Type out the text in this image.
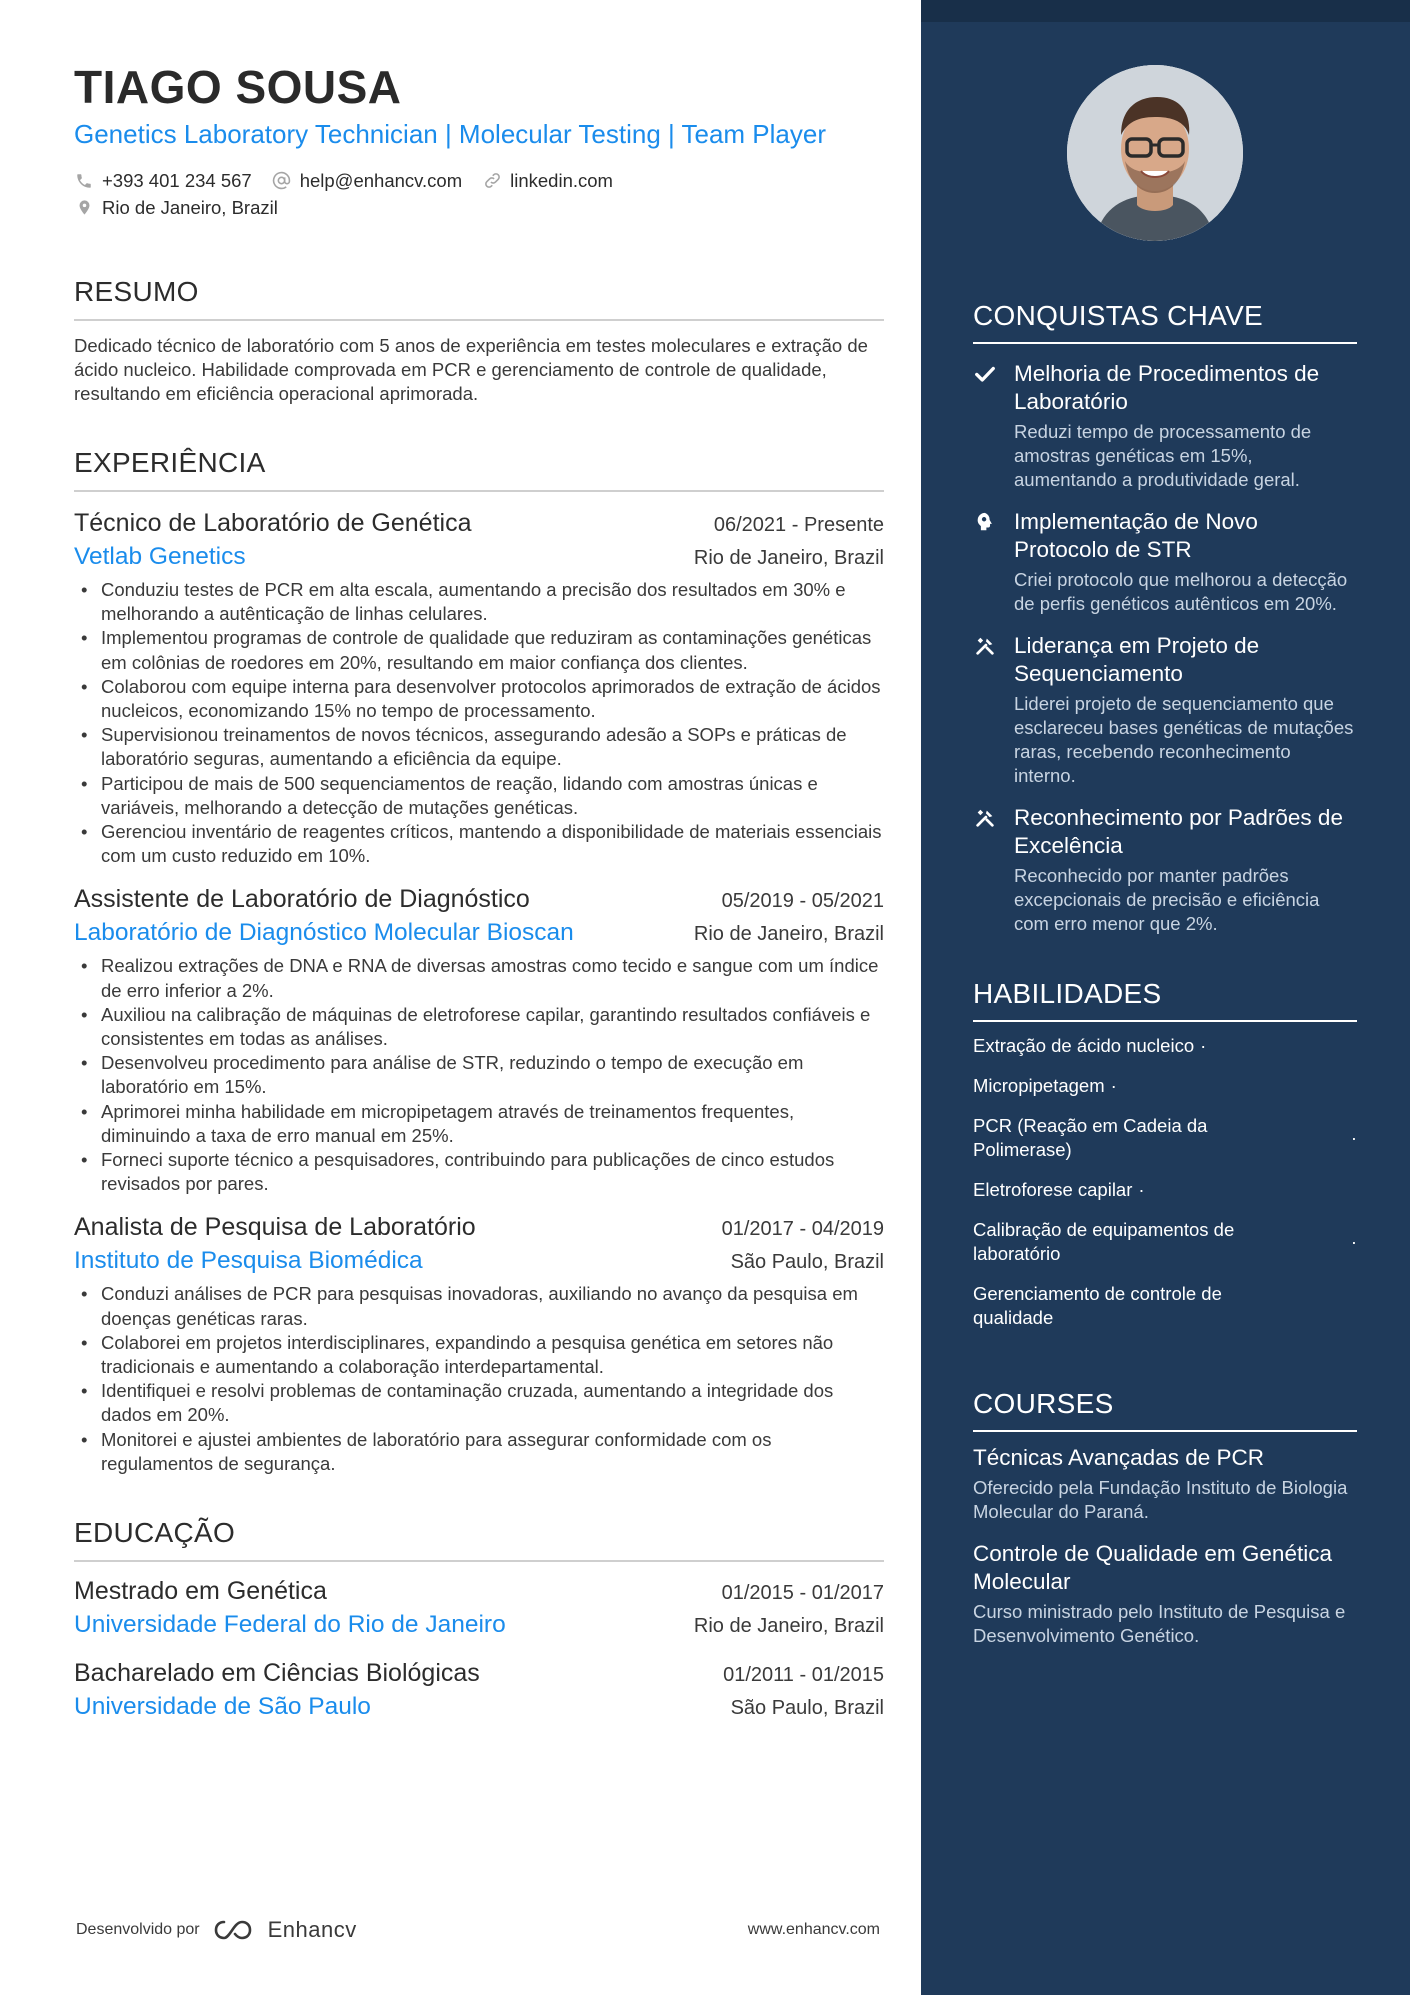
TIAGO SOUSA
Genetics Laboratory Technician | Molecular Testing | Team Player
+393 401 234 567	help@enhancv.com	linkedin.com
Rio de Janeiro, Brazil
RESUMO
Dedicado técnico de laboratório com 5 anos de experiência em testes moleculares e extração de ácido nucleico. Habilidade comprovada em PCR e gerenciamento de controle de qualidade, resultando em eficiência operacional aprimorada.
EXPERIÊNCIA
Técnico de Laboratório de Genética	06/2021 - Presente
Vetlab Genetics	Rio de Janeiro, Brazil
• Conduziu testes de PCR em alta escala, aumentando a precisão dos resultados em 30% e melhorando a autênticação de linhas celulares.
• Implementou programas de controle de qualidade que reduziram as contaminações genéticas em colônias de roedores em 20%, resultando em maior confiança dos clientes.
• Colaborou com equipe interna para desenvolver protocolos aprimorados de extração de ácidos nucleicos, economizando 15% no tempo de processamento.
• Supervisionou treinamentos de novos técnicos, assegurando adesão a SOPs e práticas de laboratório seguras, aumentando a eficiência da equipe.
• Participou de mais de 500 sequenciamentos de reação, lidando com amostras únicas e variáveis, melhorando a detecção de mutações genéticas.
• Gerenciou inventário de reagentes críticos, mantendo a disponibilidade de materiais essenciais com um custo reduzido em 10%.
Assistente de Laboratório de Diagnóstico	05/2019 - 05/2021
Laboratório de Diagnóstico Molecular Bioscan	Rio de Janeiro, Brazil
• Realizou extrações de DNA e RNA de diversas amostras como tecido e sangue com um índice de erro inferior a 2%.
• Auxiliou na calibração de máquinas de eletroforese capilar, garantindo resultados confiáveis e consistentes em todas as análises.
• Desenvolveu procedimento para análise de STR, reduzindo o tempo de execução em laboratório em 15%.
• Aprimorei minha habilidade em micropipetagem através de treinamentos frequentes, diminuindo a taxa de erro manual em 25%.
• Forneci suporte técnico a pesquisadores, contribuindo para publicações de cinco estudos revisados por pares.
Analista de Pesquisa de Laboratório	01/2017 - 04/2019
Instituto de Pesquisa Biomédica	São Paulo, Brazil
• Conduzi análises de PCR para pesquisas inovadoras, auxiliando no avanço da pesquisa em doenças genéticas raras.
• Colaborei em projetos interdisciplinares, expandindo a pesquisa genética em setores não tradicionais e aumentando a colaboração interdepartamental.
• Identifiquei e resolvi problemas de contaminação cruzada, aumentando a integridade dos dados em 20%.
• Monitorei e ajustei ambientes de laboratório para assegurar conformidade com os regulamentos de segurança.
EDUCAÇÃO
Mestrado em Genética	01/2015 - 01/2017
Universidade Federal do Rio de Janeiro	Rio de Janeiro, Brazil
Bacharelado em Ciências Biológicas	01/2011 - 01/2015
Universidade de São Paulo	São Paulo, Brazil
Desenvolvido por	Enhancv	www.enhancv.com
CONQUISTAS CHAVE
Melhoria de Procedimentos de Laboratório
Reduzi tempo de processamento de amostras genéticas em 15%, aumentando a produtividade geral.
Implementação de Novo Protocolo de STR
Criei protocolo que melhorou a detecção de perfis genéticos autênticos em 20%.
Liderança em Projeto de Sequenciamento
Liderei projeto de sequenciamento que esclareceu bases genéticas de mutações raras, recebendo reconhecimento interno.
Reconhecimento por Padrões de Excelência
Reconhecido por manter padrões excepcionais de precisão e eficiência com erro menor que 2%.
HABILIDADES
Extração de ácido nucleico ·
Micropipetagem ·
PCR (Reação em Cadeia da Polimerase)
·
Eletroforese capilar ·
Calibração de equipamentos de laboratório
·
Gerenciamento de controle de qualidade
COURSES
Técnicas Avançadas de PCR
Oferecido pela Fundação Instituto de Biologia Molecular do Paraná.
Controle de Qualidade em Genética Molecular
Curso ministrado pelo Instituto de Pesquisa e Desenvolvimento Genético.
